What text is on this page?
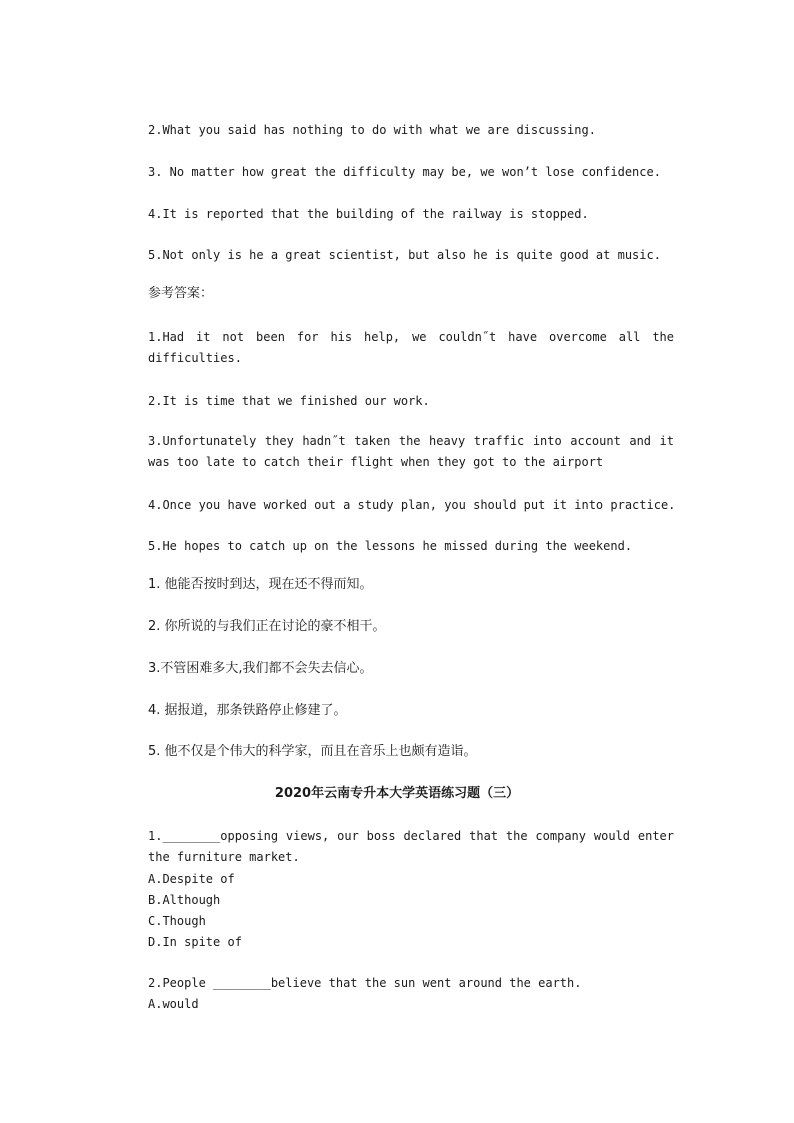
2.What you said has nothing to do with what we are discussing.
3. No matter how great the difficulty may be, we won’t lose confidence.
4.It is reported that the building of the railway is stopped.
5.Not only is he a great scientist, but also he is quite good at music.
参考答案：
1.Had it not been for his help, we couldn˝t have overcome all the difficulties.
2.It is time that we finished our work.
3.Unfortunately they hadn˝t taken the heavy traffic into account and it was too late to catch their flight when they got to the airport
4.Once you have worked out a study plan, you should put it into practice.
5.He hopes to catch up on the lessons he missed during the weekend.
1. 他能否按时到达，现在还不得而知。
2. 你所说的与我们正在讨论的豪不相干。
3.不管困难多大,我们都不会失去信心。
4. 据报道，那条铁路停止修建了。
5. 他不仅是个伟大的科学家，而且在音乐上也颇有造诣。
2020年云南专升本大学英语练习题（三）
1.________opposing views, our boss declared that the company would enter the furniture market.
A.Despite of
B.Although
C.Though
D.In spite of
2.People ________believe that the sun went around the earth.
A.would
